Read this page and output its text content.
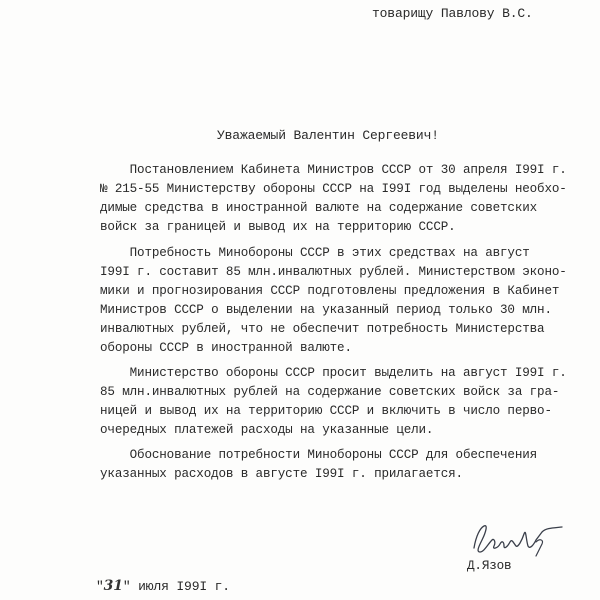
товарищу Павлову В.С.
Уважаемый Валентин Сергеевич!
Постановлением Кабинета Министров СССР от 30 апреля I99I г.
№ 215-55 Министерству обороны СССР на I99I год выделены необхо-
димые средства в иностранной валюте на содержание советских
войск за границей и вывод их на территорию СССР.
Потребность Минобороны СССР в этих средствах на август
I99I г. составит 85 млн.инвалютных рублей. Министерством эконо-
мики и прогнозирования СССР подготовлены предложения в Кабинет
Министров СССР о выделении на указанный период только 30 млн.
инвалютных рублей, что не обеспечит потребность Министерства
обороны СССР в иностранной валюте.
Министерство обороны СССР просит выделить на август I99I г.
85 млн.инвалютных рублей на содержание советских войск за гра-
ницей и вывод их на территорию СССР и включить в число перво-
очередных платежей расходы на указанные цели.
Обоснование потребности Минобороны СССР для обеспечения
указанных расходов в августе I99I г. прилагается.
Д.Язов
"31" июля I99I г.
